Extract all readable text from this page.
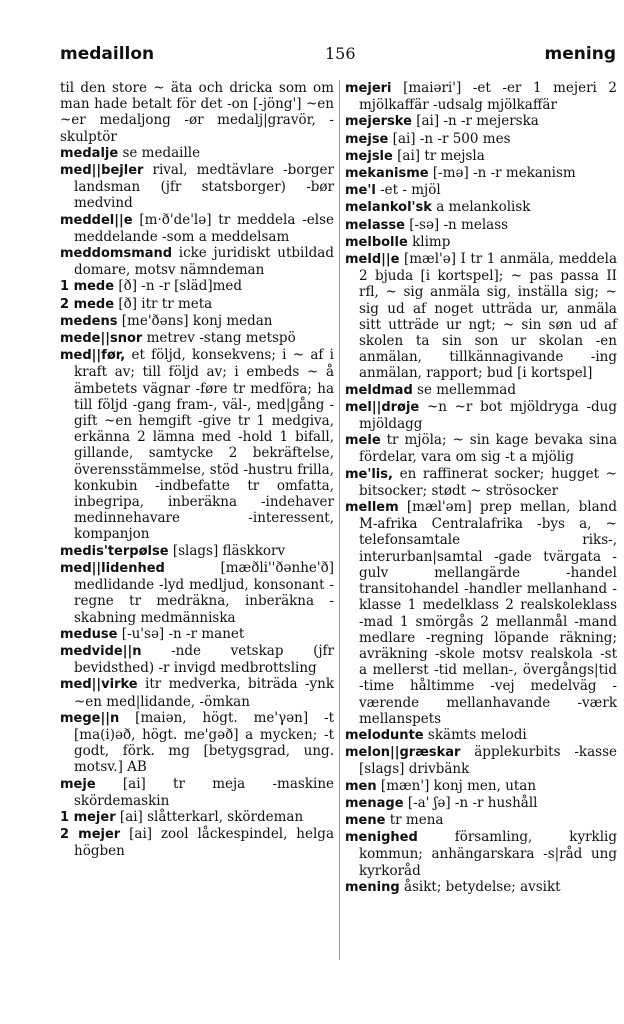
medaillon	156	mening

til den store ~ äta och dricka som om man hade betalt för det -on [-jöng'] ~en ~er medaljong -ør medalj|gravör, -skulptör

medalje se medaille

med||bejler rival, medtävlare -borger landsman (jfr statsborger) -bør medvind

meddel||e [m·ð'de'lə] tr meddela -else meddelande -som a meddelsam

meddomsmand icke juridiskt utbildad domare, motsv nämndeman

1 mede [ð] -n -r [släd]med

2 mede [ð] itr tr meta

medens [me'ðəns] konj medan

mede||snor metrev -stang metspö

med||før, et följd, konsekvens; i ~ af i kraft av; till följd av; i embeds ~ å ämbetets vägnar -føre tr medföra; ha till följd -gang fram-, väl-, med|gång -gift ~en hemgift -give tr 1 medgiva, erkänna 2 lämna med -hold 1 bifall, gillande, samtycke 2 bekräftelse, överensstämmelse, stöd -hustru frilla, konkubin -indbefatte tr omfatta, inbegripa, inberäkna -indehaver medinnehavare -interessent, kompanjon

medis'terpølse [slags] fläskkorv

med||lidenhed	[mæðli''ðənhe'ð] medlidande -lyd medljud, konsonant -regne tr medräkna, inberäkna -skabning medmänniska

meduse [-u'sə] -n -r manet

medvide||n -nde vetskap (jfr bevidsthed) -r invigd medbrottsling

med||virke itr medverka, biträda -ynk ~en med|lidande, -ömkan

mege||n [maiən, högt. me'γən] -t [ma(i)əð, högt. me'gəð] a mycken; -t godt, förk. mg [betygsgrad, ung. motsv.] AB

meje [ai] tr meja -maskine skördemaskin

1 mejer [ai] slåtterkarl, skördeman

2 mejer [ai] zool låckespindel, helga högben

mejeri [maiəri'] -et -er 1 mejeri 2 mjölkaffär -udsalg mjölkaffär

mejerske [ai] -n -r mejerska

mejse [ai] -n -r 500 mes

mejsle [ai] tr mejsla

mekanisme [-mə] -n -r mekanism

me'l -et - mjöl

melankol'sk a melankolisk

melasse [-sə] -n melass

melbolle klimp

meld||e [mæl'ə] I tr 1 anmäla, meddela 2 bjuda [i kortspel]; ~ pas passa II rfl, ~ sig anmäla sig, inställa sig; ~ sig ud af noget utträda ur, anmäla sitt utträde ur ngt; ~ sin søn ud af skolen ta sin son ur skolan -en anmälan, tillkännagivande -ing anmälan, rapport; bud [i kortspel]

meldmad se mellemmad

mel||drøje ~n ~r bot mjöldryga -dug mjöldagg

mele tr mjöla; ~ sin kage bevaka sina fördelar, vara om sig -t a mjölig

me'lis, en raffinerat socker; hugget ~ bitsocker; stødt ~ strösocker

mellem [mæl'əm] prep mellan, bland M-afrika Centralafrika -bys a, ~ telefonsamtale riks-, interurban|samtal -gade tvärgata -gulv mellangärde -handel transitohandel -handler mellanhand -klasse 1 medelklass 2 realskoleklass -mad 1 smörgås 2 mellanmål -mand medlare -regning löpande räkning; avräkning -skole motsv realskola -st a mellerst -tid mellan-, övergångs|tid -time håltimme -vej medelväg -værende mellanhavande -værk mellanspets

melodunte skämts melodi

melon||græskar äpplekurbits -kasse [slags] drivbänk

men [mæn'] konj men, utan

menage [-a' ʃə] -n -r hushåll

mene tr mena

menighed	församling, kyrklig kommun; anhängarskara -s|råd ung kyrkoråd

mening åsikt; betydelse; avsikt
